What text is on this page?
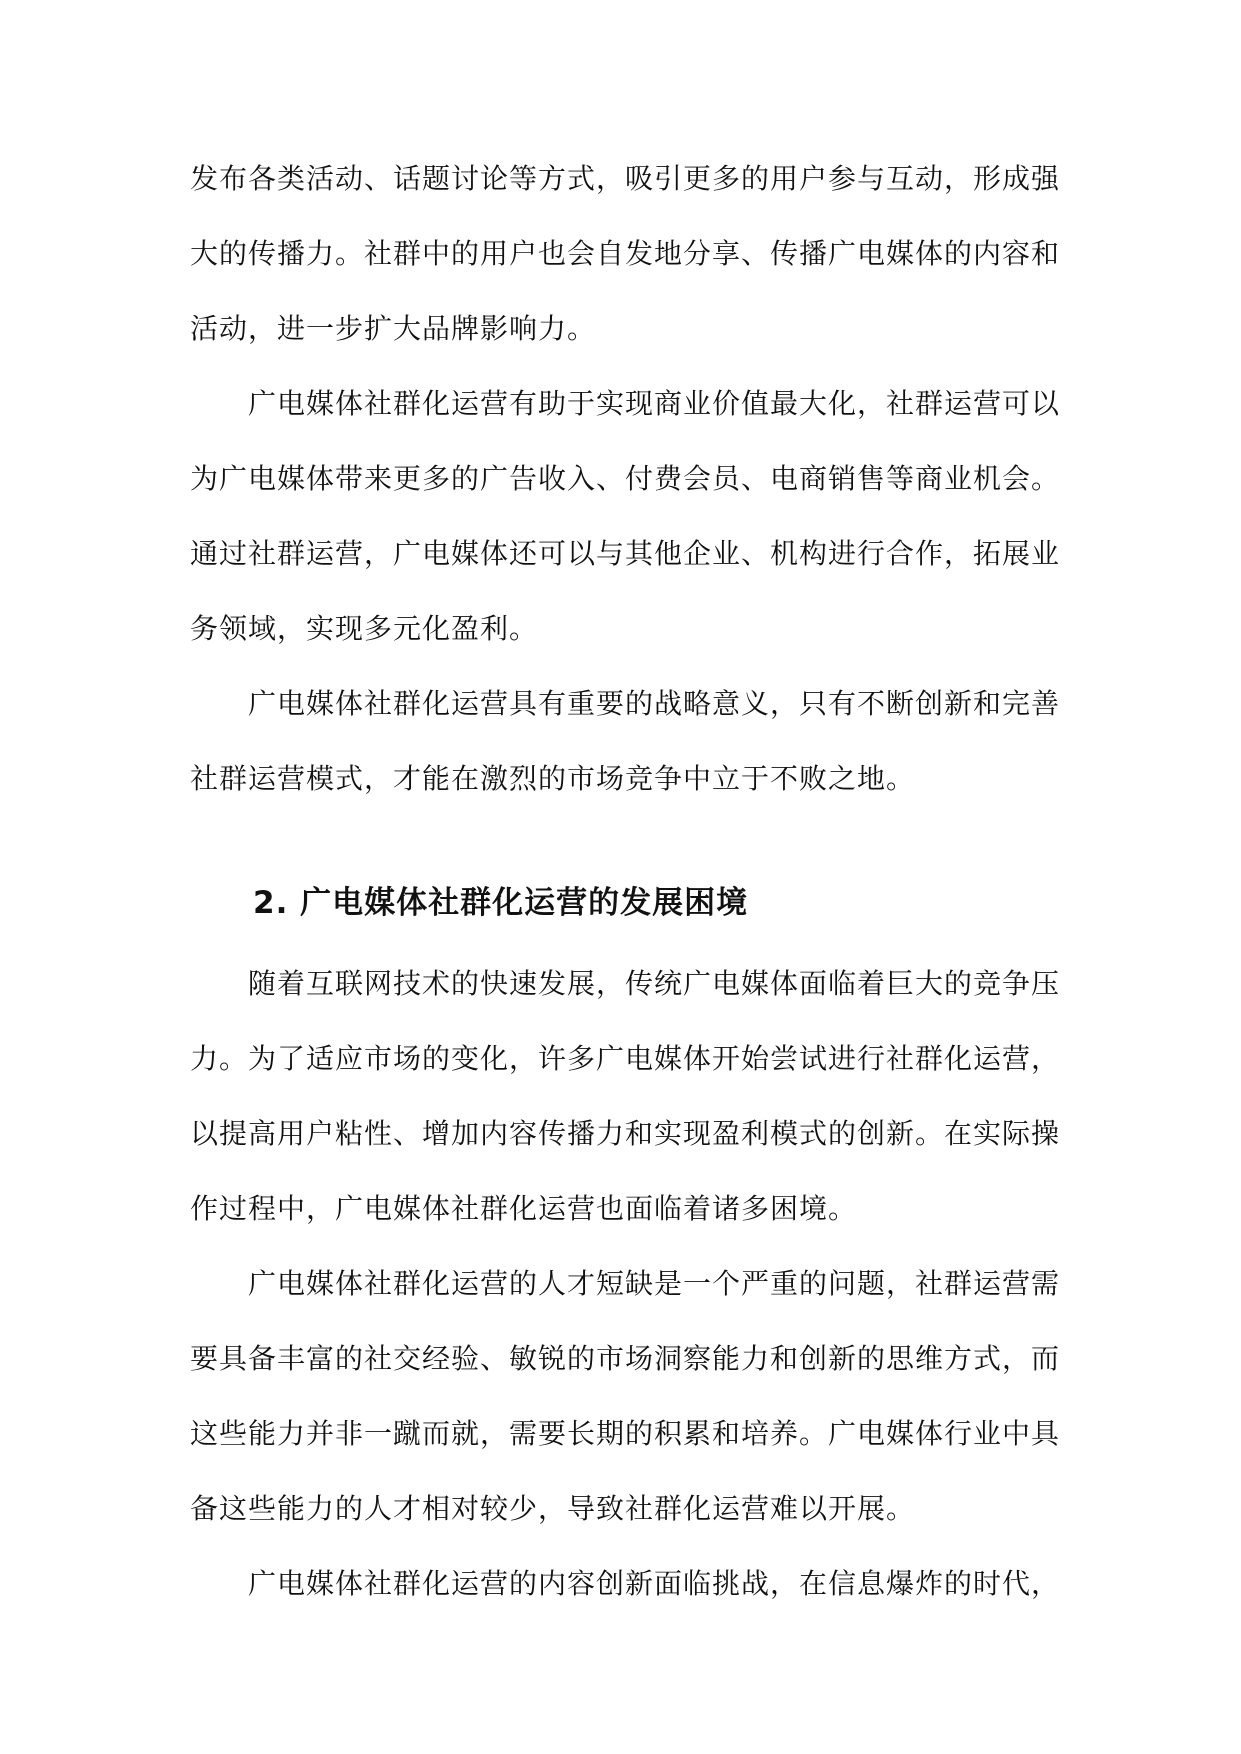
发布各类活动、话题讨论等方式，吸引更多的用户参与互动，形成强大的传播力。社群中的用户也会自发地分享、传播广电媒体的内容和活动，进一步扩大品牌影响力。

广电媒体社群化运营有助于实现商业价值最大化，社群运营可以为广电媒体带来更多的广告收入、付费会员、电商销售等商业机会。通过社群运营，广电媒体还可以与其他企业、机构进行合作，拓展业务领域，实现多元化盈利。

广电媒体社群化运营具有重要的战略意义，只有不断创新和完善社群运营模式，才能在激烈的市场竞争中立于不败之地。

2. 广电媒体社群化运营的发展困境

随着互联网技术的快速发展，传统广电媒体面临着巨大的竞争压力。为了适应市场的变化，许多广电媒体开始尝试进行社群化运营，以提高用户粘性、增加内容传播力和实现盈利模式的创新。在实际操作过程中，广电媒体社群化运营也面临着诸多困境。

广电媒体社群化运营的人才短缺是一个严重的问题，社群运营需要具备丰富的社交经验、敏锐的市场洞察能力和创新的思维方式，而这些能力并非一蹴而就，需要长期的积累和培养。广电媒体行业中具备这些能力的人才相对较少，导致社群化运营难以开展。

广电媒体社群化运营的内容创新面临挑战，在信息爆炸的时代，
